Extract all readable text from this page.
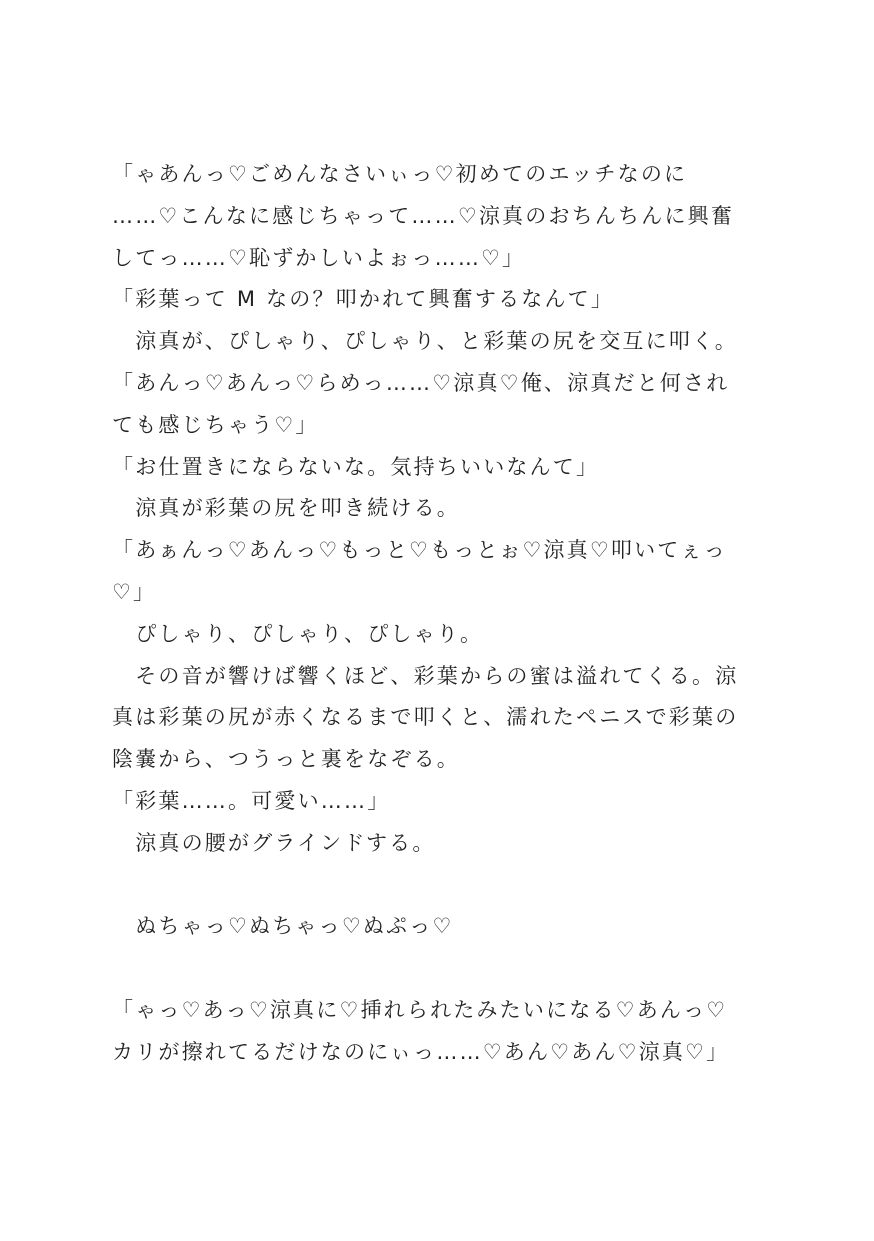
「ゃあんっ♡ごめんなさいぃっ♡初めてのエッチなのに
……♡こんなに感じちゃって……♡涼真のおちんちんに興奮
してっ……♡恥ずかしいよぉっ……♡」
「彩葉って M なの？叩かれて興奮するなんて」
　涼真が、ぴしゃり、ぴしゃり、と彩葉の尻を交互に叩く。
「あんっ♡あんっ♡らめっ……♡涼真♡俺、涼真だと何され
ても感じちゃう♡」
「お仕置きにならないな。気持ちいいなんて」
　涼真が彩葉の尻を叩き続ける。
「あぁんっ♡あんっ♡もっと♡もっとぉ♡涼真♡叩いてぇっ
♡」
　ぴしゃり、ぴしゃり、ぴしゃり。
　その音が響けば響くほど、彩葉からの蜜は溢れてくる。涼
真は彩葉の尻が赤くなるまで叩くと、濡れたペニスで彩葉の
陰嚢から、つうっと裏をなぞる。
「彩葉……。可愛い……」
　涼真の腰がグラインドする。
　ぬちゃっ♡ぬちゃっ♡ぬぷっ♡
「ゃっ♡あっ♡涼真に♡挿れられたみたいになる♡あんっ♡
カリが擦れてるだけなのにぃっ……♡あん♡あん♡涼真♡」
